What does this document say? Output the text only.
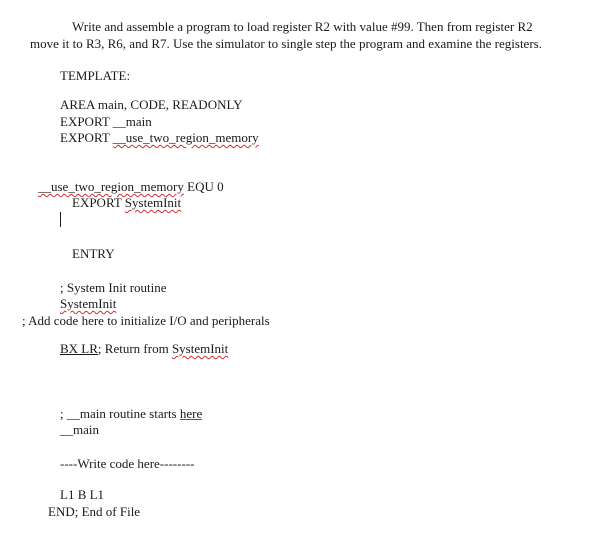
Write and assemble a program to load register R2 with value #99. Then from register R2
move it to R3, R6, and R7. Use the simulator to single step the program and examine the registers.
TEMPLATE:
AREA main, CODE, READONLY
EXPORT __main
EXPORT __use_two_region_memory
__use_two_region_memory EQU 0
EXPORT SystemInit
ENTRY
; System Init routine
SystemInit
; Add code here to initialize I/O and peripherals
BX LR; Return from SystemInit
; __main routine starts here
__main
----Write code here--------
L1 B L1
END; End of File
